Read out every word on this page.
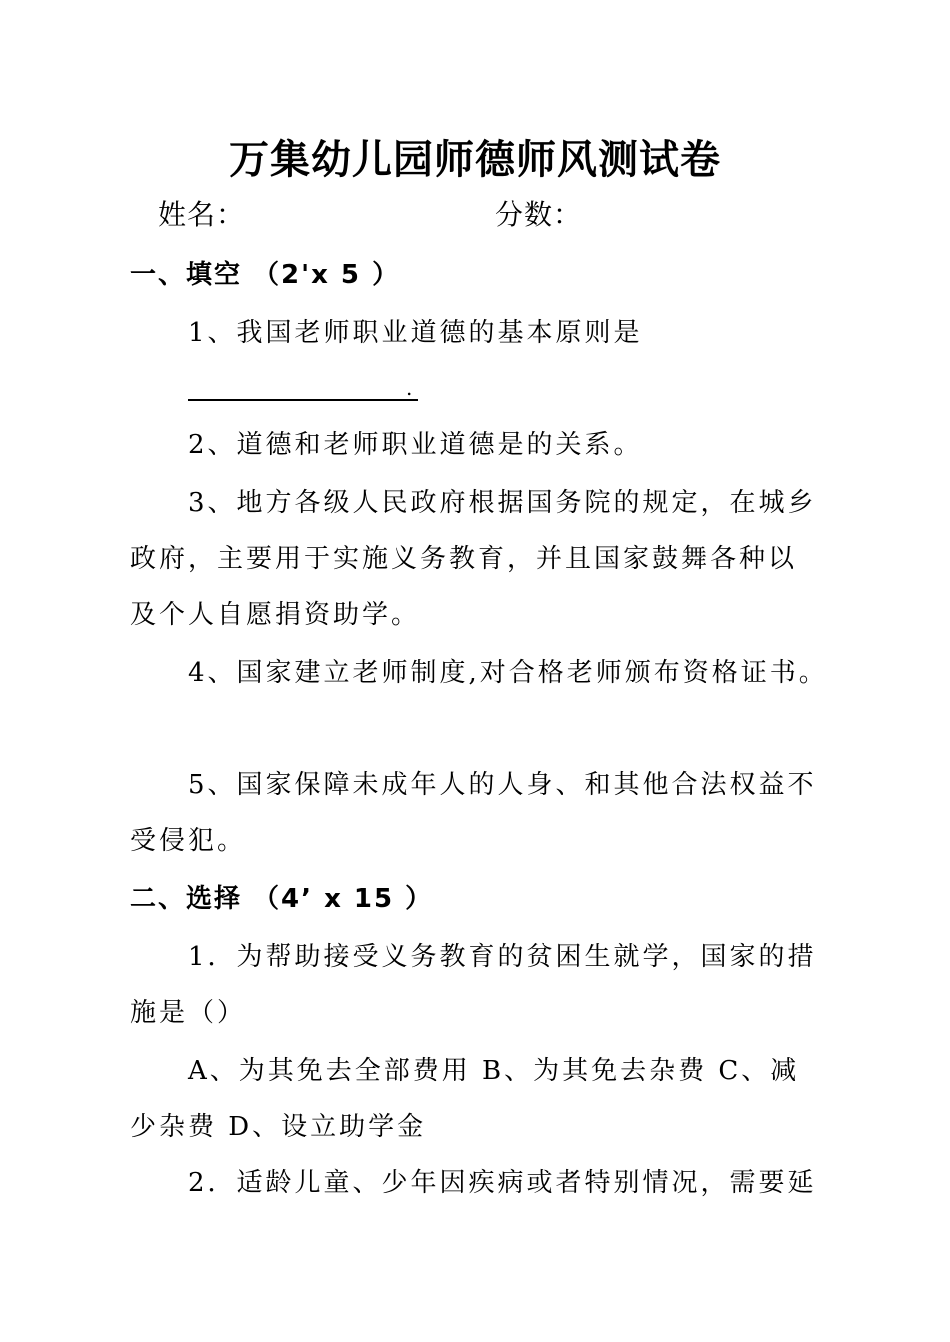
万集幼儿园师德师风测试卷
姓名：	分数：
一、填空 （2'x 5 ）
1、我国老师职业道德的基本原则是
.
2、道德和老师职业道德是的关系。
3、地方各级人民政府根据国务院的规定，在城乡
政府，主要用于实施义务教育，并且国家鼓舞各种以
及个人自愿捐资助学。
4、国家建立老师制度,对合格老师颁布资格证书。
5、国家保障未成年人的人身、和其他合法权益不
受侵犯。
二、选择 （4’ x 15 ）
1．为帮助接受义务教育的贫困生就学，国家的措
施是（）
A、为其免去全部费用 B、为其免去杂费 C、减
少杂费 D、设立助学金
2．适龄儿童、少年因疾病或者特别情况，需要延
